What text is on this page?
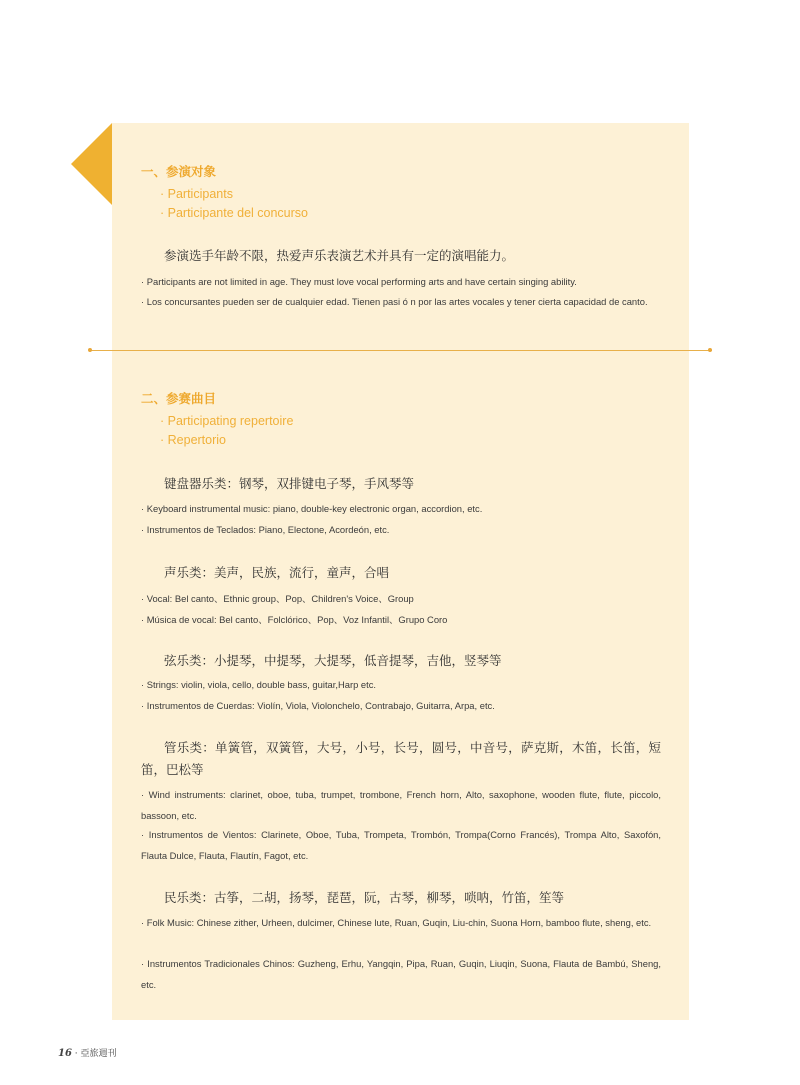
一、参演对象
· Participants
· Participante del concurso
参演选手年龄不限，热爱声乐表演艺术并具有一定的演唱能力。
· Participants are not limited in age. They must love vocal performing arts and have certain singing ability.
· Los concursantes pueden ser de cualquier edad. Tienen pasi ó n por las artes vocales y tener cierta capacidad de canto.
二、参赛曲目
· Participating repertoire
· Repertorio
键盘器乐类：钢琴，双排键电子琴，手风琴等
· Keyboard instrumental music: piano, double-key electronic organ, accordion, etc.
· Instrumentos de Teclados: Piano, Electone, Acordeón, etc.
声乐类：美声，民族，流行，童声，合唱
· Vocal: Bel canto、Ethnic group、Pop、Children's Voice、Group
· Música de vocal: Bel canto、Folclórico、Pop、Voz Infantil、Grupo Coro
弦乐类：小提琴，中提琴，大提琴，低音提琴，吉他，竖琴等
· Strings: violin, viola, cello, double bass, guitar,Harp etc.
· Instrumentos de Cuerdas: Violín, Viola, Violonchelo, Contrabajo, Guitarra, Arpa, etc.
管乐类：单簧管，双簧管，大号，小号，长号，圆号，中音号，萨克斯，木笛，长笛，短笛，巴松等
· Wind instruments: clarinet, oboe, tuba, trumpet, trombone, French horn, Alto, saxophone, wooden flute, flute, piccolo, bassoon, etc.
· Instrumentos de Vientos: Clarinete, Oboe, Tuba, Trompeta, Trombón, Trompa(Corno Francés), Trompa Alto, Saxofón, Flauta Dulce, Flauta, Flautín, Fagot, etc.
民乐类：古筝，二胡，扬琴，琵琶，阮，古琴，柳琴，唢呐，竹笛，笙等
· Folk Music: Chinese zither, Urheen, dulcimer, Chinese lute, Ruan, Guqin, Liu-chin, Suona Horn, bamboo flute, sheng, etc.
· Instrumentos Tradicionales Chinos: Guzheng, Erhu, Yangqin, Pipa, Ruan, Guqin, Liuqin, Suona, Flauta de Bambú, Sheng, etc.
16 · 亞旅週刊
